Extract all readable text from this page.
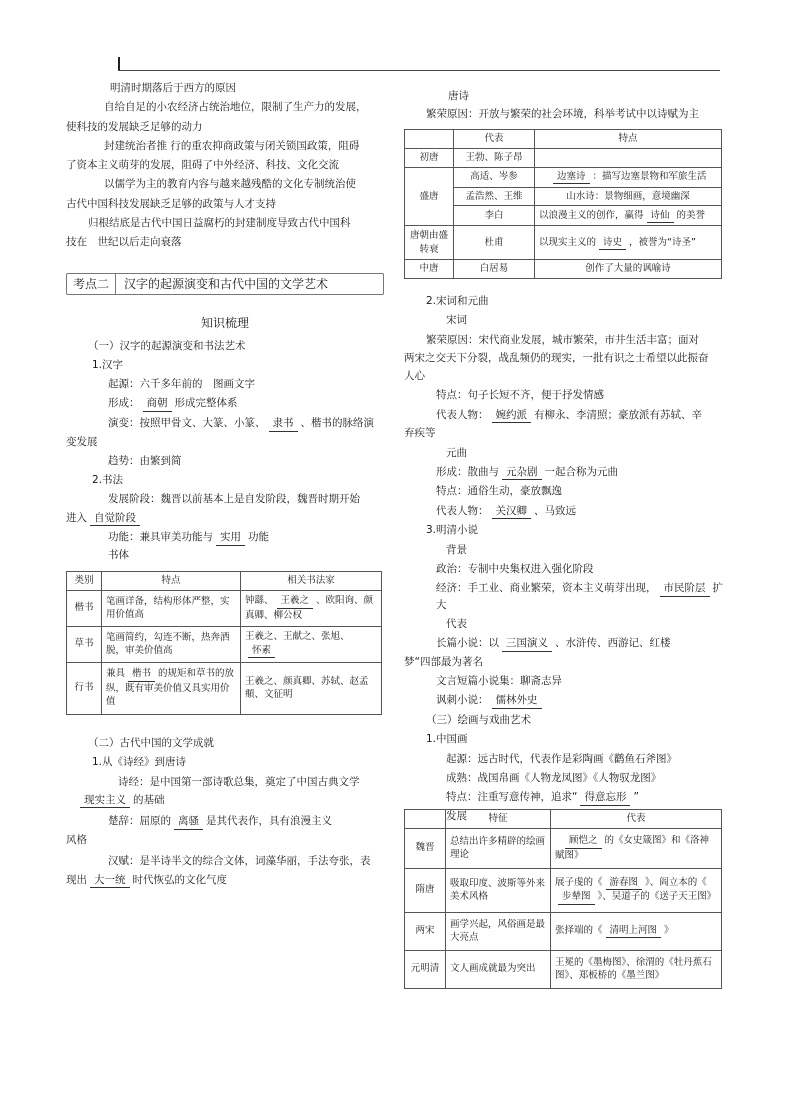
明清时期落后于西方的原因

自给自足的小农经济占统治地位，限制了生产力的发展，

使科技的发展缺乏足够的动力

封建统治者推 行的重农抑商政策与闭关锁国政策，阻碍

了资本主义萌芽的发展，阻碍了中外经济、科技、文化交流

以儒学为主的教育内容与越来越残酷的文化专制统治使

古代中国科技发展缺乏足够的政策与人才支持

归根结底是古代中国日益腐朽的封建制度导致古代中国科

技在　世纪以后走向衰落

考点二 汉字的起源演变和古代中国的文学艺术

知识梳理

（一）汉字的起源演变和书法艺术

1.汉字

起源：六千多年前的　图画文字

形成： 商朝 形成完整体系

演变：按照甲骨文、大篆、小篆、 隶书 、楷书的脉络演

变发展

趋势：由繁到简

2.书法

发展阶段：魏晋以前基本上是自发阶段，魏晋时期开始

进入 自觉阶段

功能：兼具审美功能与 实用 功能

书体

类别	特点	相关书法家
楷书	笔画详备，结构形体严整，实用价值高	钟繇、 王羲之 、欧阳询、颜真卿、柳公权
草书	笔画简约，勾连不断，热奔洒脱，审美价值高	王羲之、王献之、张旭、怀素
行书	兼具 楷书 的规矩和草书的放纵，既有审美价值又具实用价值	王羲之、颜真卿、苏轼、赵孟頫、文征明

（二）古代中国的文学成就

1.从《诗经》到唐诗

诗经：是中国第一部诗歌总集，奠定了中国古典文学

现实主义 的基础

楚辞：屈原的 离骚 是其代表作，具有浪漫主义

风格

汉赋：是半诗半文的综合文体，词藻华丽，手法夸张，表

现出 大一统 时代恢弘的文化气度

唐诗

繁荣原因：开放与繁荣的社会环境，科举考试中以诗赋为主

	代表	特点
初唐	王勃、陈子昂	
盛唐	高适、岑参	边塞诗 ：描写边塞景物和军旅生活
	孟浩然、王维	山水诗：景物细画，意境幽深
	李白	以浪漫主义的创作，赢得 诗仙 的美誉
唐朝由盛转衰	杜甫	以现实主义的 诗史 ，被誉为“诗圣”
中唐	白居易	创作了大量的讽喻诗

2.宋词和元曲

宋词

繁荣原因：宋代商业发展，城市繁荣，市井生活丰富；面对

两宋之交天下分裂，战乱频仍的现实，一批有识之士希望以此振奋

人心

特点：句子长短不齐，便于抒发情感

代表人物： 婉约派 有柳永、李清照；豪放派有苏轼、辛

弃疾等

元曲

形成：散曲与 元杂剧 一起合称为元曲

特点：通俗生动，豪放飘逸

代表人物： 关汉卿 、马致远

3.明清小说

背景

政治：专制中央集权进入强化阶段

经济：手工业、商业繁荣，资本主义萌芽出现， 市民阶层 扩大

代表

长篇小说：以 三国演义 、水浒传、西游记、红楼

梦“四部最为著名

文言短篇小说集：聊斋志异

讽刺小说： 儒林外史

（三）绘画与戏曲艺术

1.中国画

起源：远古时代，代表作是彩陶画《鹳鱼石斧图》

成熟：战国帛画《人物龙凤图》《人物驭龙图》

特点：注重写意传神，追求“ 得意忘形 ”

发展

		特征	代表
魏晋	总结出许多精辟的绘画理论	顾恺之 的《女史箴图》和《洛神赋图》
隋唐	吸取印度、波斯等外来美术风格	展子虔的《 游春图 》、阎立本的《步辇图 》、吴道子的《送子天王图》
两宋	画学兴起，风俗画是最大亮点	张择端的《 清明上河图 》
元明清	文人画成就最为突出	王冕的《墨梅图》、徐渭的《牡丹蕉石图》、郑板桥的《墨兰图》
